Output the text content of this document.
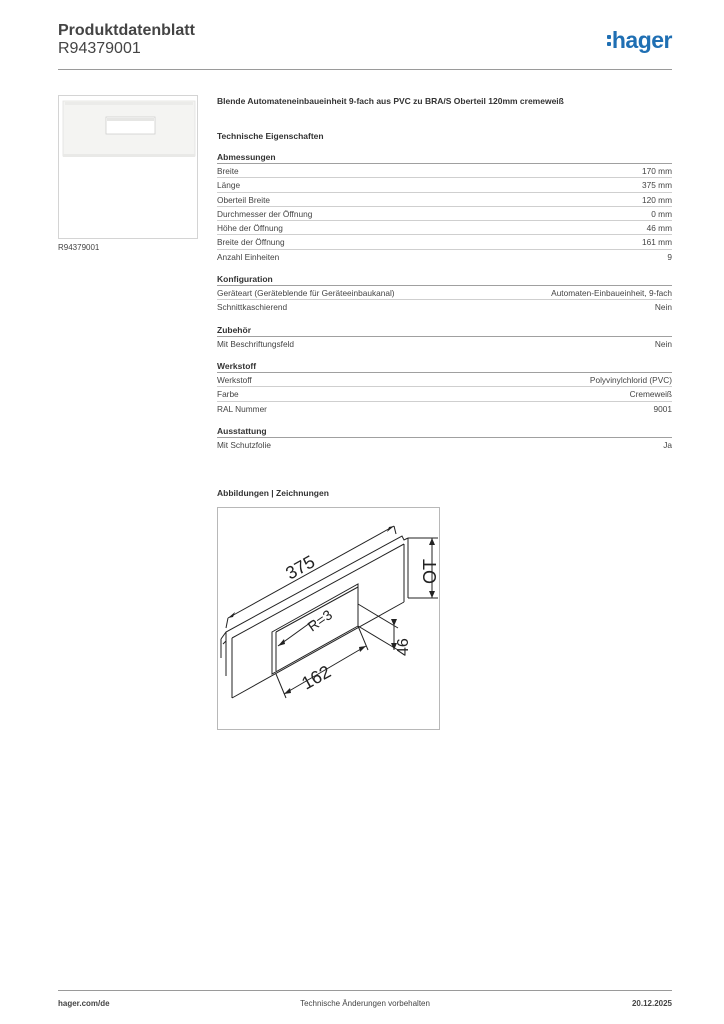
Produktdatenblatt
R94379001	hager
R94379001
Blende Automateneinbaueinheit 9-fach aus PVC zu BRA/S Oberteil 120mm cremeweiß
Technische Eigenschaften
Abmessungen
Breite	170 mm
Länge	375 mm
Oberteil Breite	120 mm
Durchmesser der Öffnung	0 mm
Höhe der Öffnung	46 mm
Breite der Öffnung	161 mm
Anzahl Einheiten	9
Konfiguration
Geräteart (Geräteblende für Geräteeinbaukanal)	Automaten-Einbaueinheit, 9-fach
Schnittkaschierend	Nein
Zubehör
Mit Beschriftungsfeld	Nein
Werkstoff
Werkstoff	Polyvinylchlorid (PVC)
Farbe	Cremeweiß
RAL Nummer	9001
Ausstattung
Mit Schutzfolie	Ja
Abbildungen | Zeichnungen
375	OT
R=3
46
162
hager.com/de	Technische Änderungen vorbehalten	20.12.2025
